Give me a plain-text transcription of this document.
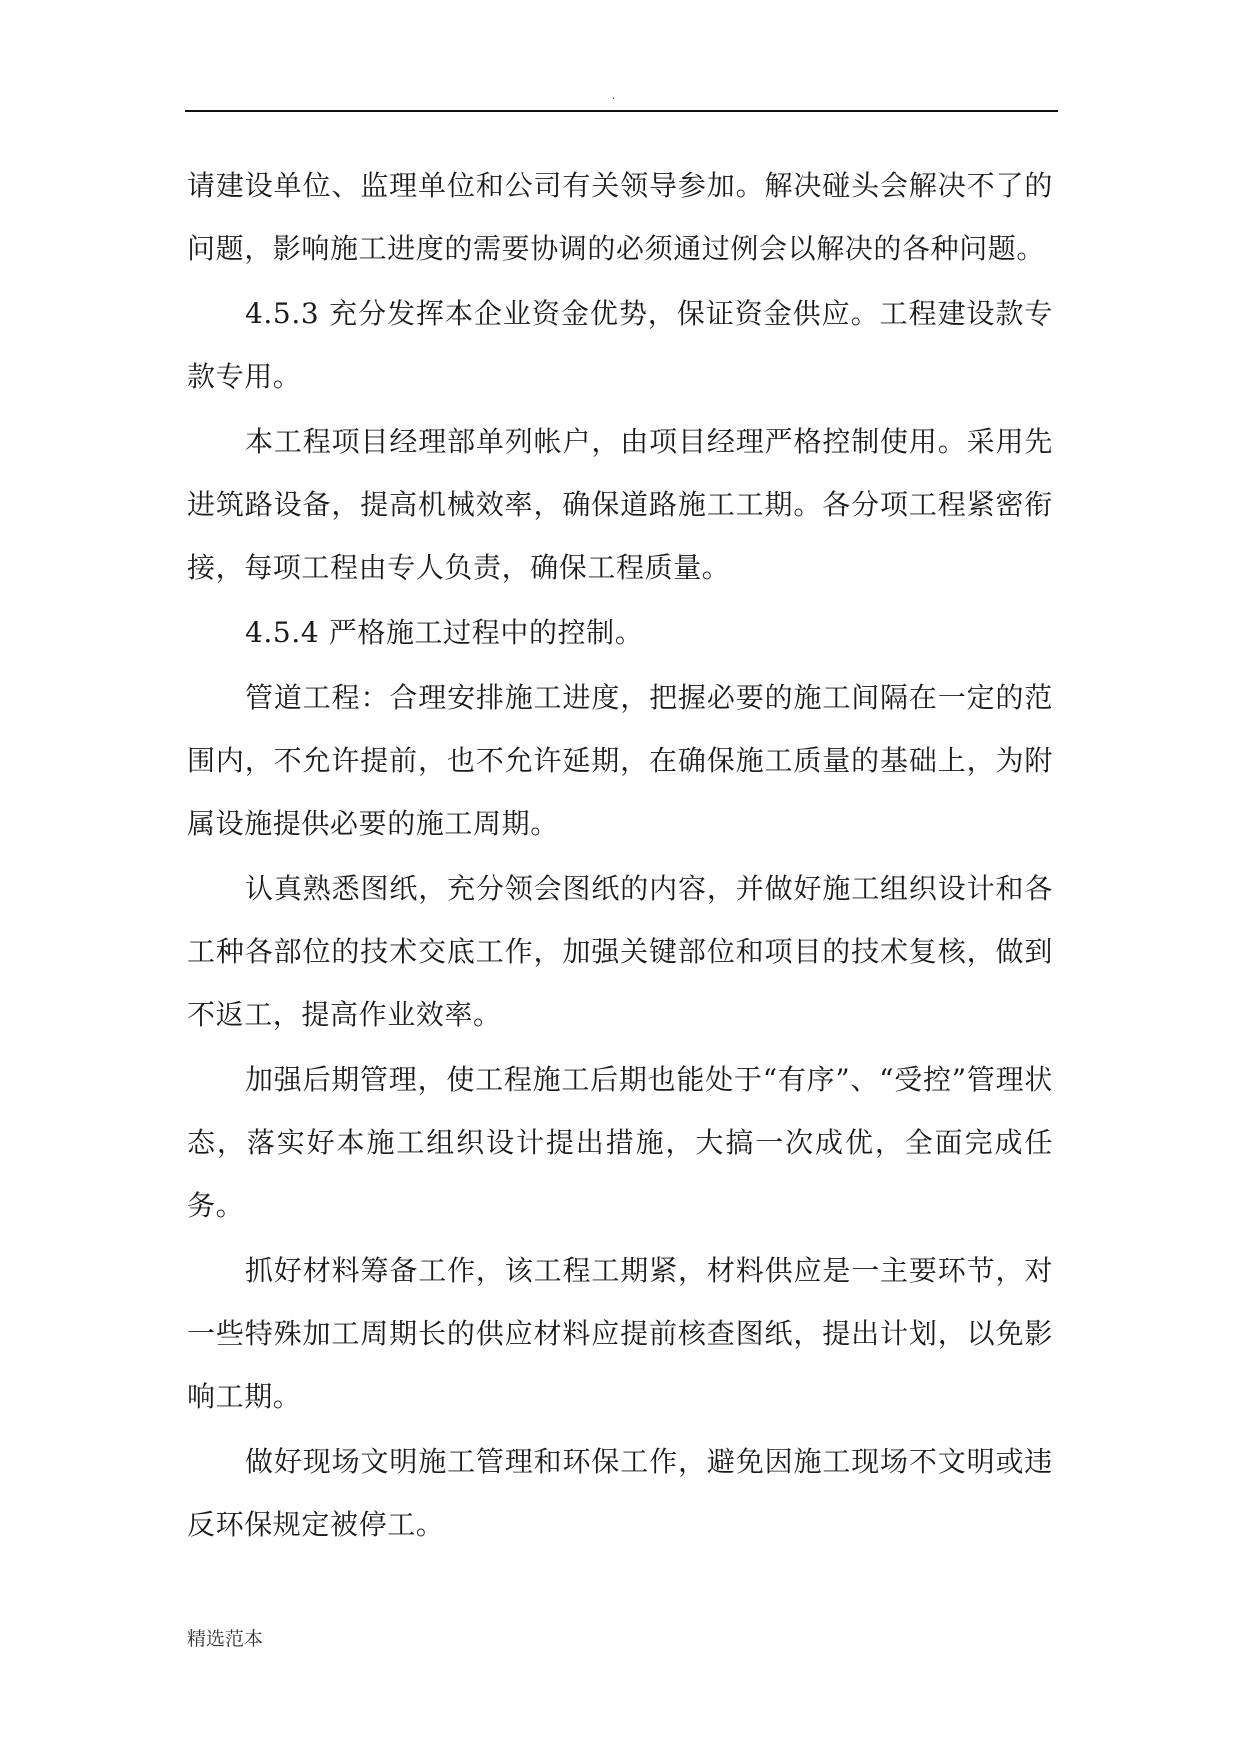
.

请建设单位、监理单位和公司有关领导参加。解决碰头会解决不了的问题，影响施工进度的需要协调的必须通过例会以解决的各种问题。

4.5.3 充分发挥本企业资金优势，保证资金供应。工程建设款专款专用。

本工程项目经理部单列帐户，由项目经理严格控制使用。采用先进筑路设备，提高机械效率，确保道路施工工期。各分项工程紧密衔接，每项工程由专人负责，确保工程质量。

4.5.4 严格施工过程中的控制。

管道工程：合理安排施工进度，把握必要的施工间隔在一定的范围内，不允许提前，也不允许延期，在确保施工质量的基础上，为附属设施提供必要的施工周期。

认真熟悉图纸，充分领会图纸的内容，并做好施工组织设计和各工种各部位的技术交底工作，加强关键部位和项目的技术复核，做到不返工，提高作业效率。

加强后期管理，使工程施工后期也能处于“有序”、“受控”管理状态，落实好本施工组织设计提出措施，大搞一次成优，全面完成任务。

抓好材料筹备工作，该工程工期紧，材料供应是一主要环节，对一些特殊加工周期长的供应材料应提前核查图纸，提出计划，以免影响工期。

做好现场文明施工管理和环保工作，避免因施工现场不文明或违反环保规定被停工。

精选范本
